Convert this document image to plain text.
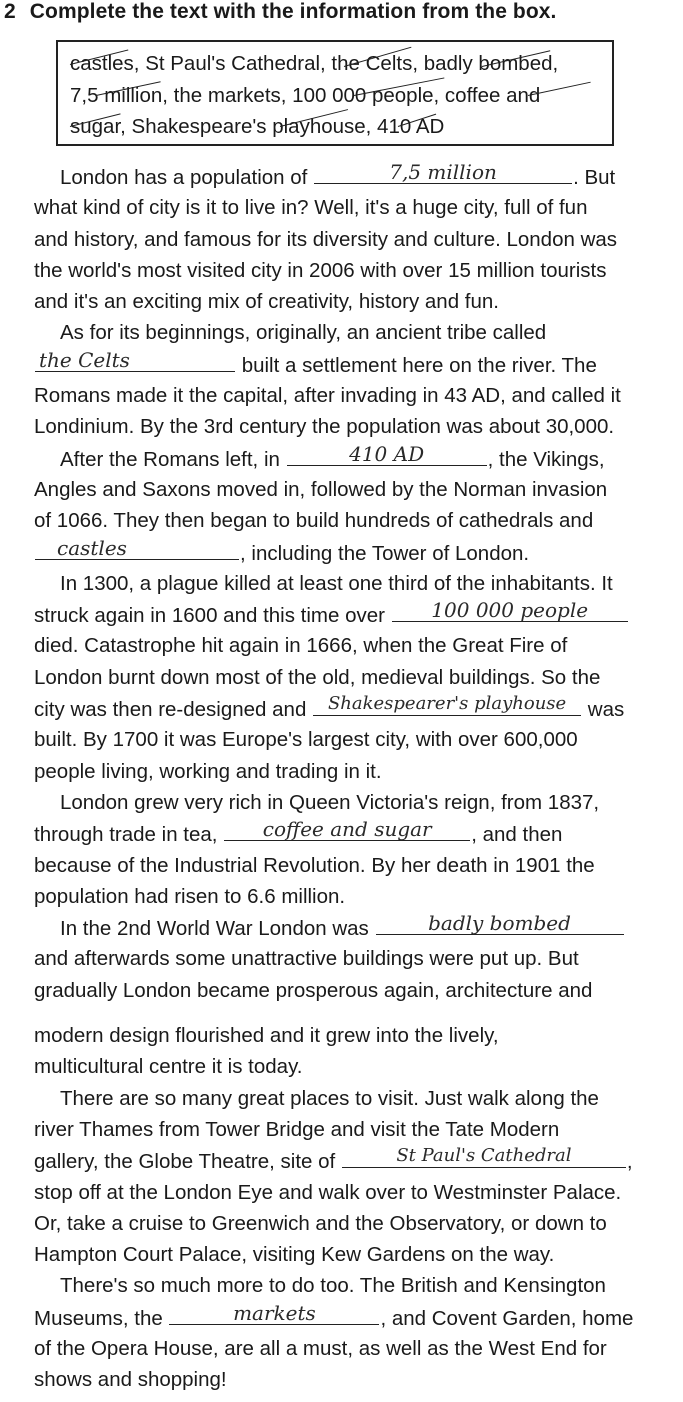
2 Complete the text with the information from the box.
castles, St Paul's Cathedral, the Celts, badly bombed,
7,5 million, the markets, 100 000 people, coffee and
sugar, Shakespeare's playhouse, 410 AD
London has a population of	7,5 million	. But
what kind of city is it to live in? Well, it's a huge city, full of fun
and history, and famous for its diversity and culture. London was
the world's most visited city in 2006 with over 15 million tourists
and it's an exciting mix of creativity, history and fun.
As for its beginnings, originally, an ancient tribe called
the Celts	built a settlement here on the river. The
Romans made it the capital, after invading in 43 AD, and called it
Londinium. By the 3rd century the population was about 30,000.
After the Romans left, in	410 AD	, the Vikings,
Angles and Saxons moved in, followed by the Norman invasion
of 1066. They then began to build hundreds of cathedrals and
castles	, including the Tower of London.
In 1300, a plague killed at least one third of the inhabitants. It
struck again in 1600 and this time over	100 000 people
died. Catastrophe hit again in 1666, when the Great Fire of
London burnt down most of the old, medieval buildings. So the
city was then re-designed and	Shakespearer's playhouse	was
built. By 1700 it was Europe's largest city, with over 600,000
people living, working and trading in it.
London grew very rich in Queen Victoria's reign, from 1837,
through trade in tea,	coffee and sugar	, and then
because of the Industrial Revolution. By her death in 1901 the
population had risen to 6.6 million.
In the 2nd World War London was	badly bombed
and afterwards some unattractive buildings were put up. But
gradually London became prosperous again, architecture and
modern design flourished and it grew into the lively,
multicultural centre it is today.
There are so many great places to visit. Just walk along the
river Thames from Tower Bridge and visit the Tate Modern
gallery, the Globe Theatre, site of	St Paul's Cathedral	,
stop off at the London Eye and walk over to Westminster Palace.
Or, take a cruise to Greenwich and the Observatory, or down to
Hampton Court Palace, visiting Kew Gardens on the way.
There's so much more to do too. The British and Kensington
Museums, the	markets	, and Covent Garden, home
of the Opera House, are all a must, as well as the West End for
shows and shopping!
